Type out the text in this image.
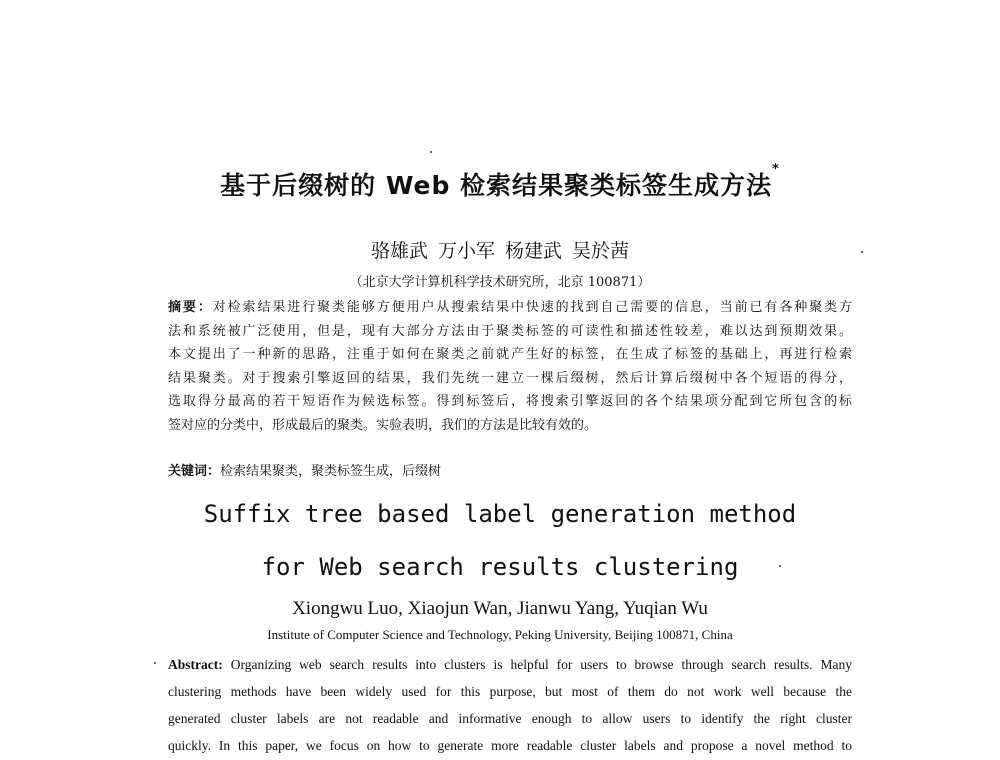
基于后缀树的 Web 检索结果聚类标签生成方法*
骆雄武 万小军 杨建武 吴於茜
（北京大学计算机科学技术研究所，北京 100871）
摘要：对检索结果进行聚类能够方便用户从搜索结果中快速的找到自己需要的信息，当前已有各种聚类方
法和系统被广泛使用，但是，现有大部分方法由于聚类标签的可读性和描述性较差，难以达到预期效果。
本文提出了一种新的思路，注重于如何在聚类之前就产生好的标签，在生成了标签的基础上，再进行检索
结果聚类。对于搜索引擎返回的结果，我们先统一建立一棵后缀树，然后计算后缀树中各个短语的得分，
选取得分最高的若干短语作为候选标签。得到标签后，将搜索引擎返回的各个结果项分配到它所包含的标
签对应的分类中，形成最后的聚类。实验表明，我们的方法是比较有效的。
关键词：检索结果聚类，聚类标签生成，后缀树
Suffix tree based label generation method
for Web search results clustering
Xiongwu Luo, Xiaojun Wan, Jianwu Yang, Yuqian Wu
Institute of Computer Science and Technology, Peking University, Beijing 100871, China
Abstract: Organizing web search results into clusters is helpful for users to browse through search results. Many
clustering methods have been widely used for this purpose, but most of them do not work well because the
generated cluster labels are not readable and informative enough to allow users to identify the right cluster
quickly. In this paper, we focus on how to generate more readable cluster labels and propose a novel method to
